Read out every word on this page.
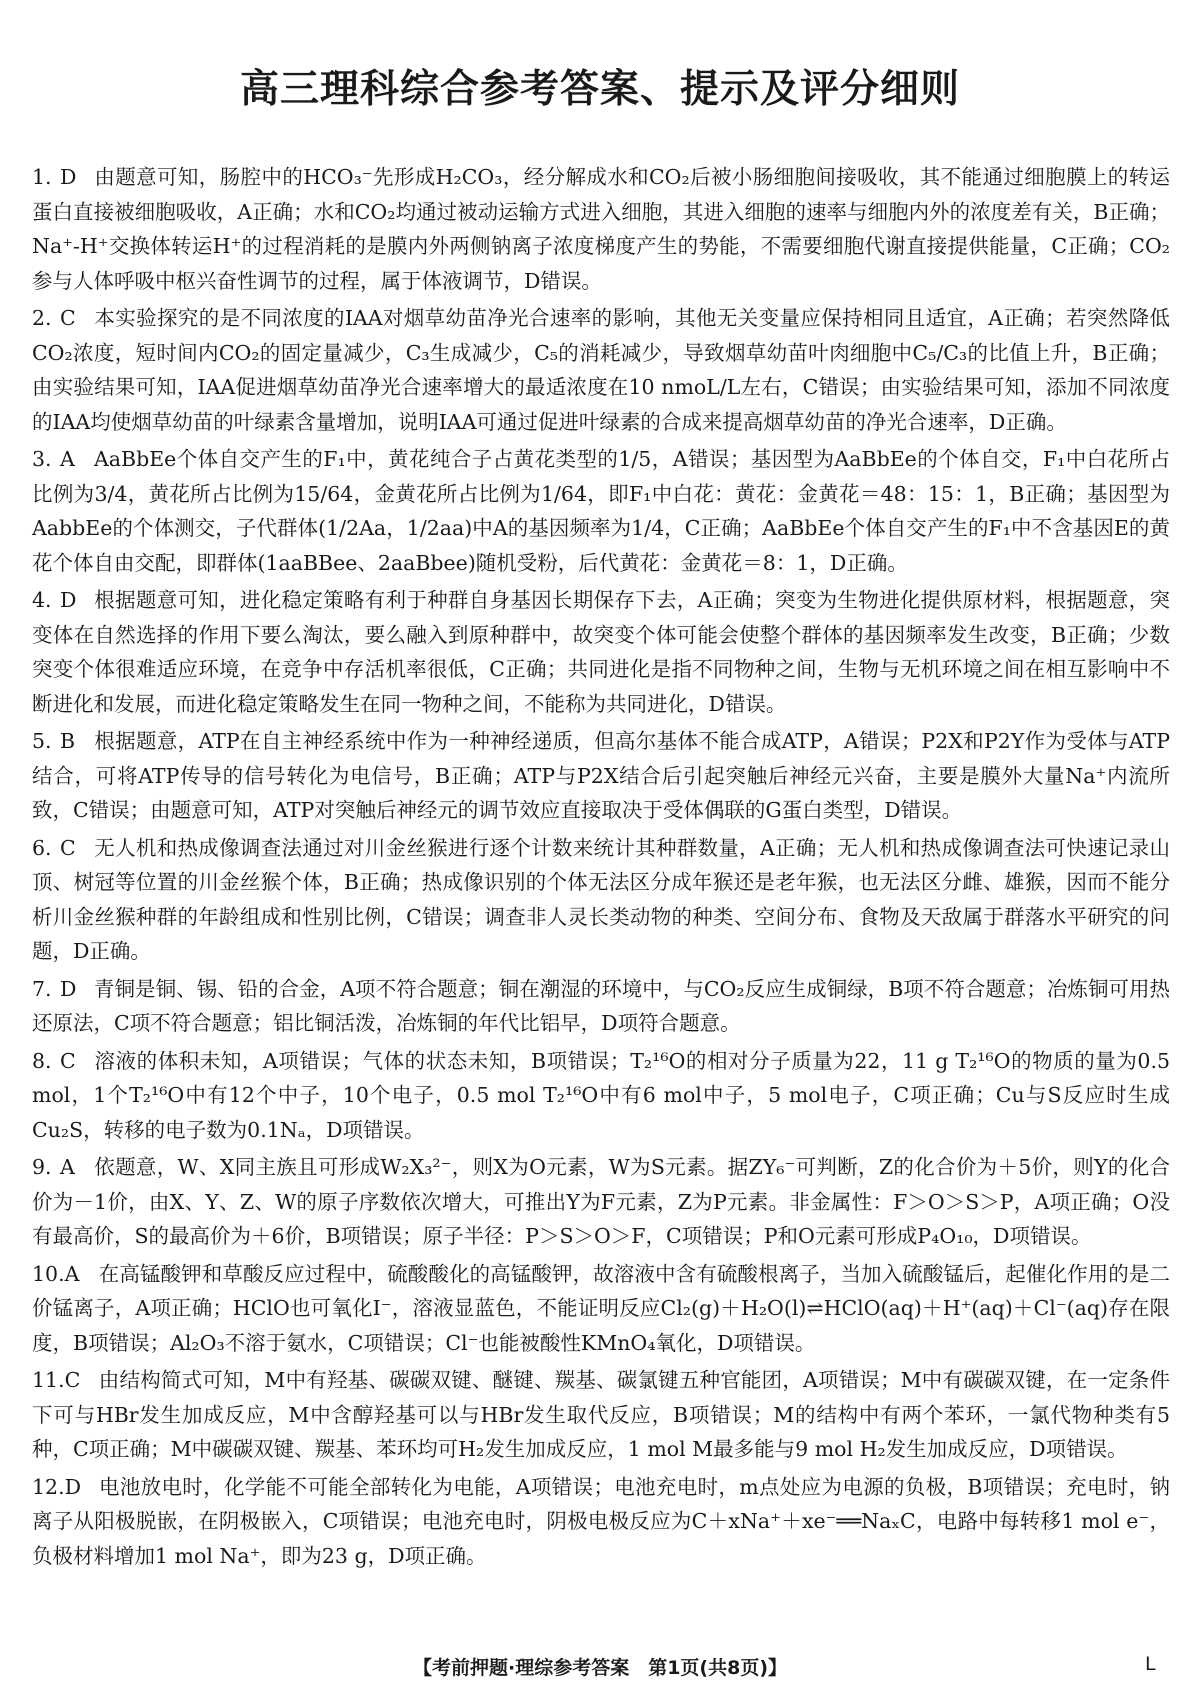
高三理科综合参考答案、提示及评分细则
1. D 由题意可知，肠腔中的HCO₃⁻先形成H₂CO₃，经分解成水和CO₂后被小肠细胞间接吸收，其不能通过细胞膜上的转运蛋白直接被细胞吸收，A正确；水和CO₂均通过被动运输方式进入细胞，其进入细胞的速率与细胞内外的浓度差有关，B正确；Na⁺-H⁺交换体转运H⁺的过程消耗的是膜内外两侧钠离子浓度梯度产生的势能，不需要细胞代谢直接提供能量，C正确；CO₂参与人体呼吸中枢兴奋性调节的过程，属于体液调节，D错误。
2. C 本实验探究的是不同浓度的IAA对烟草幼苗净光合速率的影响，其他无关变量应保持相同且适宜，A正确；若突然降低CO₂浓度，短时间内CO₂的固定量减少，C₃生成减少，C₅的消耗减少，导致烟草幼苗叶肉细胞中C₅/C₃的比值上升，B正确；由实验结果可知，IAA促进烟草幼苗净光合速率增大的最适浓度在10 nmoL/L左右，C错误；由实验结果可知，添加不同浓度的IAA均使烟草幼苗的叶绿素含量增加，说明IAA可通过促进叶绿素的合成来提高烟草幼苗的净光合速率，D正确。
3. A AaBbEe个体自交产生的F₁中，黄花纯合子占黄花类型的1/5，A错误；基因型为AaBbEe的个体自交，F₁中白花所占比例为3/4，黄花所占比例为15/64，金黄花所占比例为1/64，即F₁中白花：黄花：金黄花＝48：15：1，B正确；基因型为AabbEe的个体测交，子代群体(1/2Aa，1/2aa)中A的基因频率为1/4，C正确；AaBbEe个体自交产生的F₁中不含基因E的黄花个体自由交配，即群体(1aaBBee、2aaBbee)随机受粉，后代黄花：金黄花＝8：1，D正确。
4. D 根据题意可知，进化稳定策略有利于种群自身基因长期保存下去，A正确；突变为生物进化提供原材料，根据题意，突变体在自然选择的作用下要么淘汰，要么融入到原种群中，故突变个体可能会使整个群体的基因频率发生改变，B正确；少数突变个体很难适应环境，在竞争中存活机率很低，C正确；共同进化是指不同物种之间，生物与无机环境之间在相互影响中不断进化和发展，而进化稳定策略发生在同一物种之间，不能称为共同进化，D错误。
5. B 根据题意，ATP在自主神经系统中作为一种神经递质，但高尔基体不能合成ATP，A错误；P2X和P2Y作为受体与ATP结合，可将ATP传导的信号转化为电信号，B正确；ATP与P2X结合后引起突触后神经元兴奋，主要是膜外大量Na⁺内流所致，C错误；由题意可知，ATP对突触后神经元的调节效应直接取决于受体偶联的G蛋白类型，D错误。
6. C 无人机和热成像调查法通过对川金丝猴进行逐个计数来统计其种群数量，A正确；无人机和热成像调查法可快速记录山顶、树冠等位置的川金丝猴个体，B正确；热成像识别的个体无法区分成年猴还是老年猴，也无法区分雌、雄猴，因而不能分析川金丝猴种群的年龄组成和性别比例，C错误；调查非人灵长类动物的种类、空间分布、食物及天敌属于群落水平研究的问题，D正确。
7. D 青铜是铜、锡、铅的合金，A项不符合题意；铜在潮湿的环境中，与CO₂反应生成铜绿，B项不符合题意；冶炼铜可用热还原法，C项不符合题意；铝比铜活泼，冶炼铜的年代比铝早，D项符合题意。
8. C 溶液的体积未知，A项错误；气体的状态未知，B项错误；T₂¹⁶O的相对分子质量为22，11 g T₂¹⁶O的物质的量为0.5 mol，1个T₂¹⁶O中有12个中子，10个电子，0.5 mol T₂¹⁶O中有6 mol中子，5 mol电子，C项正确；Cu与S反应时生成Cu₂S，转移的电子数为0.1Nₐ，D项错误。
9. A 依题意，W、X同主族且可形成W₂X₃²⁻，则X为O元素，W为S元素。据ZY₆⁻可判断，Z的化合价为＋5价，则Y的化合价为－1价，由X、Y、Z、W的原子序数依次增大，可推出Y为F元素，Z为P元素。非金属性：F＞O＞S＞P，A项正确；O没有最高价，S的最高价为＋6价，B项错误；原子半径：P＞S＞O＞F，C项错误；P和O元素可形成P₄O₁₀，D项错误。
10.A 在高锰酸钾和草酸反应过程中，硫酸酸化的高锰酸钾，故溶液中含有硫酸根离子，当加入硫酸锰后，起催化作用的是二价锰离子，A项正确；HClO也可氧化I⁻，溶液显蓝色，不能证明反应Cl₂(g)＋H₂O(l)⇌HClO(aq)＋H⁺(aq)＋Cl⁻(aq)存在限度，B项错误；Al₂O₃不溶于氨水，C项错误；Cl⁻也能被酸性KMnO₄氧化，D项错误。
11.C 由结构简式可知，M中有羟基、碳碳双键、醚键、羰基、碳氯键五种官能团，A项错误；M中有碳碳双键，在一定条件下可与HBr发生加成反应，M中含醇羟基可以与HBr发生取代反应，B项错误；M的结构中有两个苯环，一氯代物种类有5种，C项正确；M中碳碳双键、羰基、苯环均可H₂发生加成反应，1 mol M最多能与9 mol H₂发生加成反应，D项错误。
12.D 电池放电时，化学能不可能全部转化为电能，A项错误；电池充电时，m点处应为电源的负极，B项错误；充电时，钠离子从阳极脱嵌，在阴极嵌入，C项错误；电池充电时，阴极电极反应为C＋xNa⁺＋xe⁻══NaₓC，电路中每转移1 mol e⁻，负极材料增加1 mol Na⁺，即为23 g，D项正确。
【考前押题·理综参考答案　第1页(共8页)】	L
